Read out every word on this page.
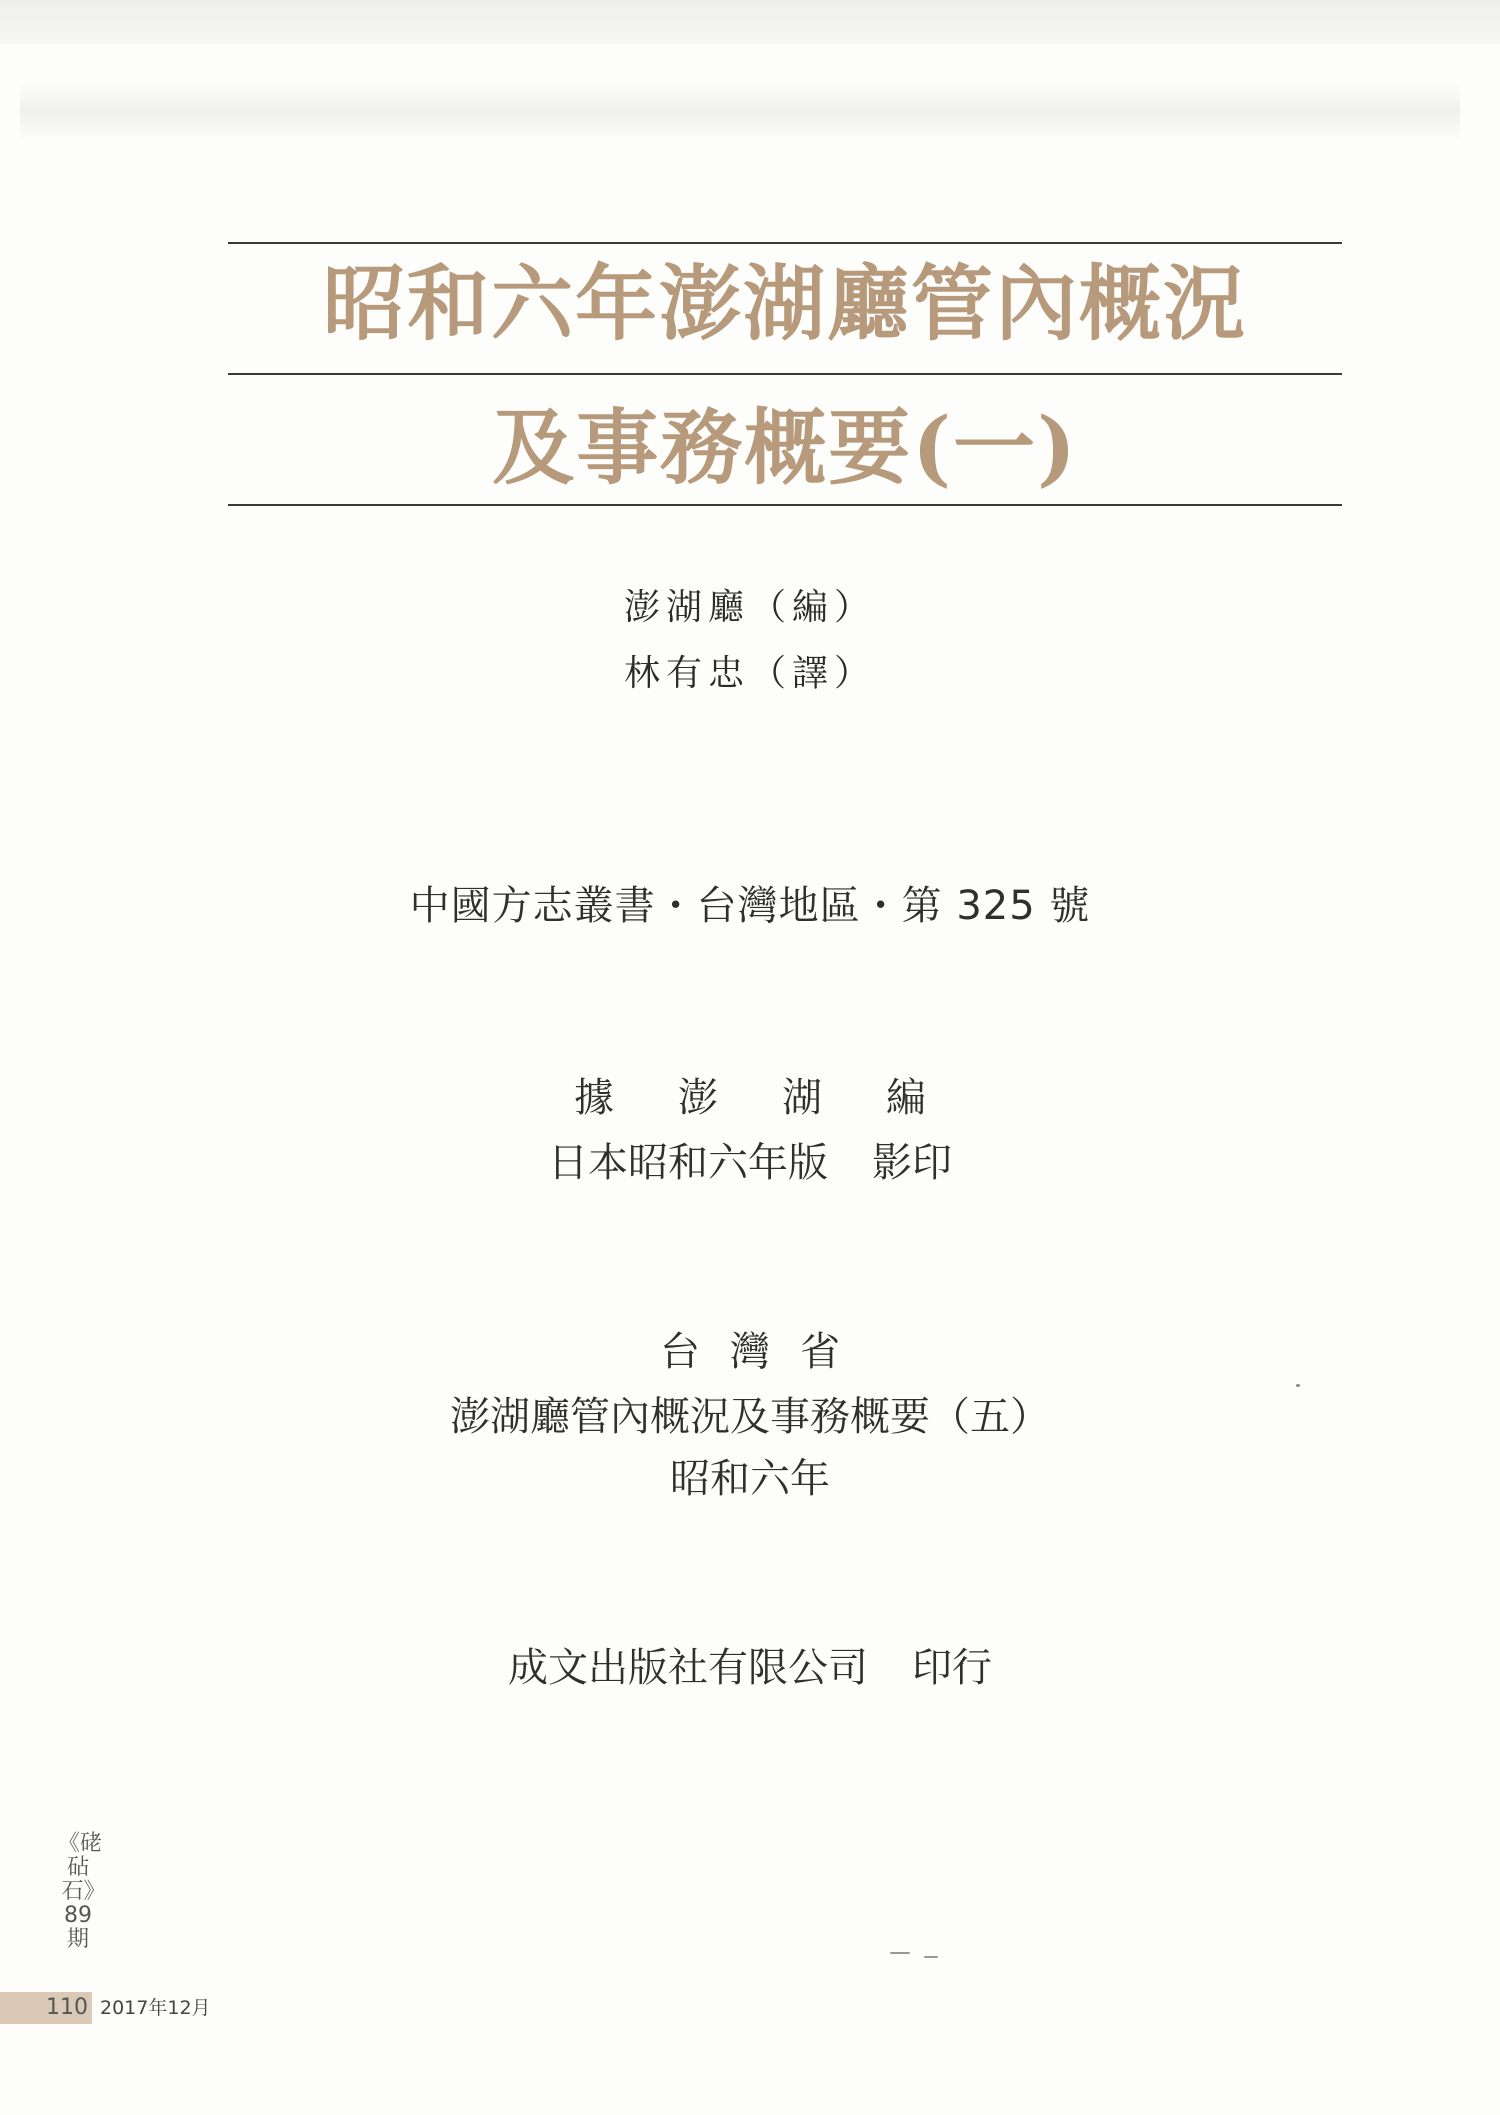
昭和六年澎湖廳管內概況
及事務概要(一)
澎湖廳（編）
林有忠（譯）
中國方志叢書・台灣地區・第 325 號
據澎湖編
日本昭和六年版 影印
台灣省
澎湖廳管內概況及事務概要（五）
昭和六年
成文出版社有限公司 印行
《硓砧石》89期
110 2017年12月
